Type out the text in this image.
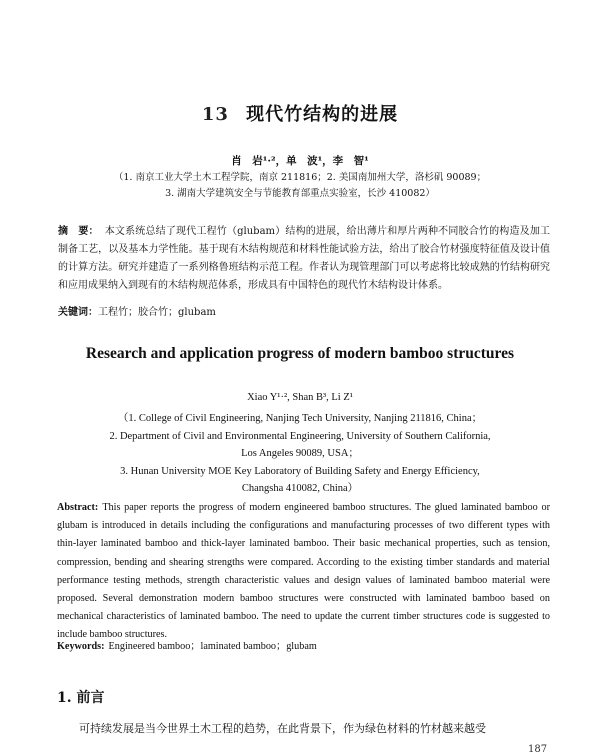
13 现代竹结构的进展
肖　岩¹·²，单　波¹，李　智¹
（1. 南京工业大学土木工程学院，南京 211816；2. 美国南加州大学，洛杉矶 90089；
3. 湖南大学建筑安全与节能教育部重点实验室，长沙 410082）
摘　要： 本文系统总结了现代工程竹（glubam）结构的进展，给出薄片和厚片两种不同胶合竹的构造及加工制备工艺，以及基本力学性能。基于现有木结构规范和材料性能试验方法，给出了胶合竹材强度特征值及设计值的计算方法。研究并建造了一系列格鲁班结构示范工程。作者认为现管理部门可以考虑将比较成熟的竹结构研究和应用成果纳入到现有的木结构规范体系，形成具有中国特色的现代竹木结构设计体系。
关键词：工程竹；胶合竹；glubam
Research and application progress of modern bamboo structures
Xiao Y¹·², Shan B³, Li Z¹
（1. College of Civil Engineering, Nanjing Tech University, Nanjing 211816, China；
2. Department of Civil and Environmental Engineering, University of Southern California,
Los Angeles 90089, USA；
3. Hunan University MOE Key Laboratory of Building Safety and Energy Efficiency,
Changsha 410082, China）
Abstract: This paper reports the progress of modern engineered bamboo structures. The glued laminated bamboo or glubam is introduced in details including the configurations and manufacturing processes of two different types with thin-layer laminated bamboo and thick-layer laminated bamboo. Their basic mechanical properties, such as tension, compression, bending and shearing strengths were compared. According to the existing timber standards and material performance testing methods, strength characteristic values and design values of laminated bamboo material were proposed. Several demonstration modern bamboo structures were constructed with laminated bamboo based on mechanical characteristics of laminated bamboo. The need to update the current timber structures code is suggested to include bamboo structures.
Keywords: Engineered bamboo；laminated bamboo；glubam
1. 前言
可持续发展是当今世界土木工程的趋势，在此背景下，作为绿色材料的竹材越来越受
187
